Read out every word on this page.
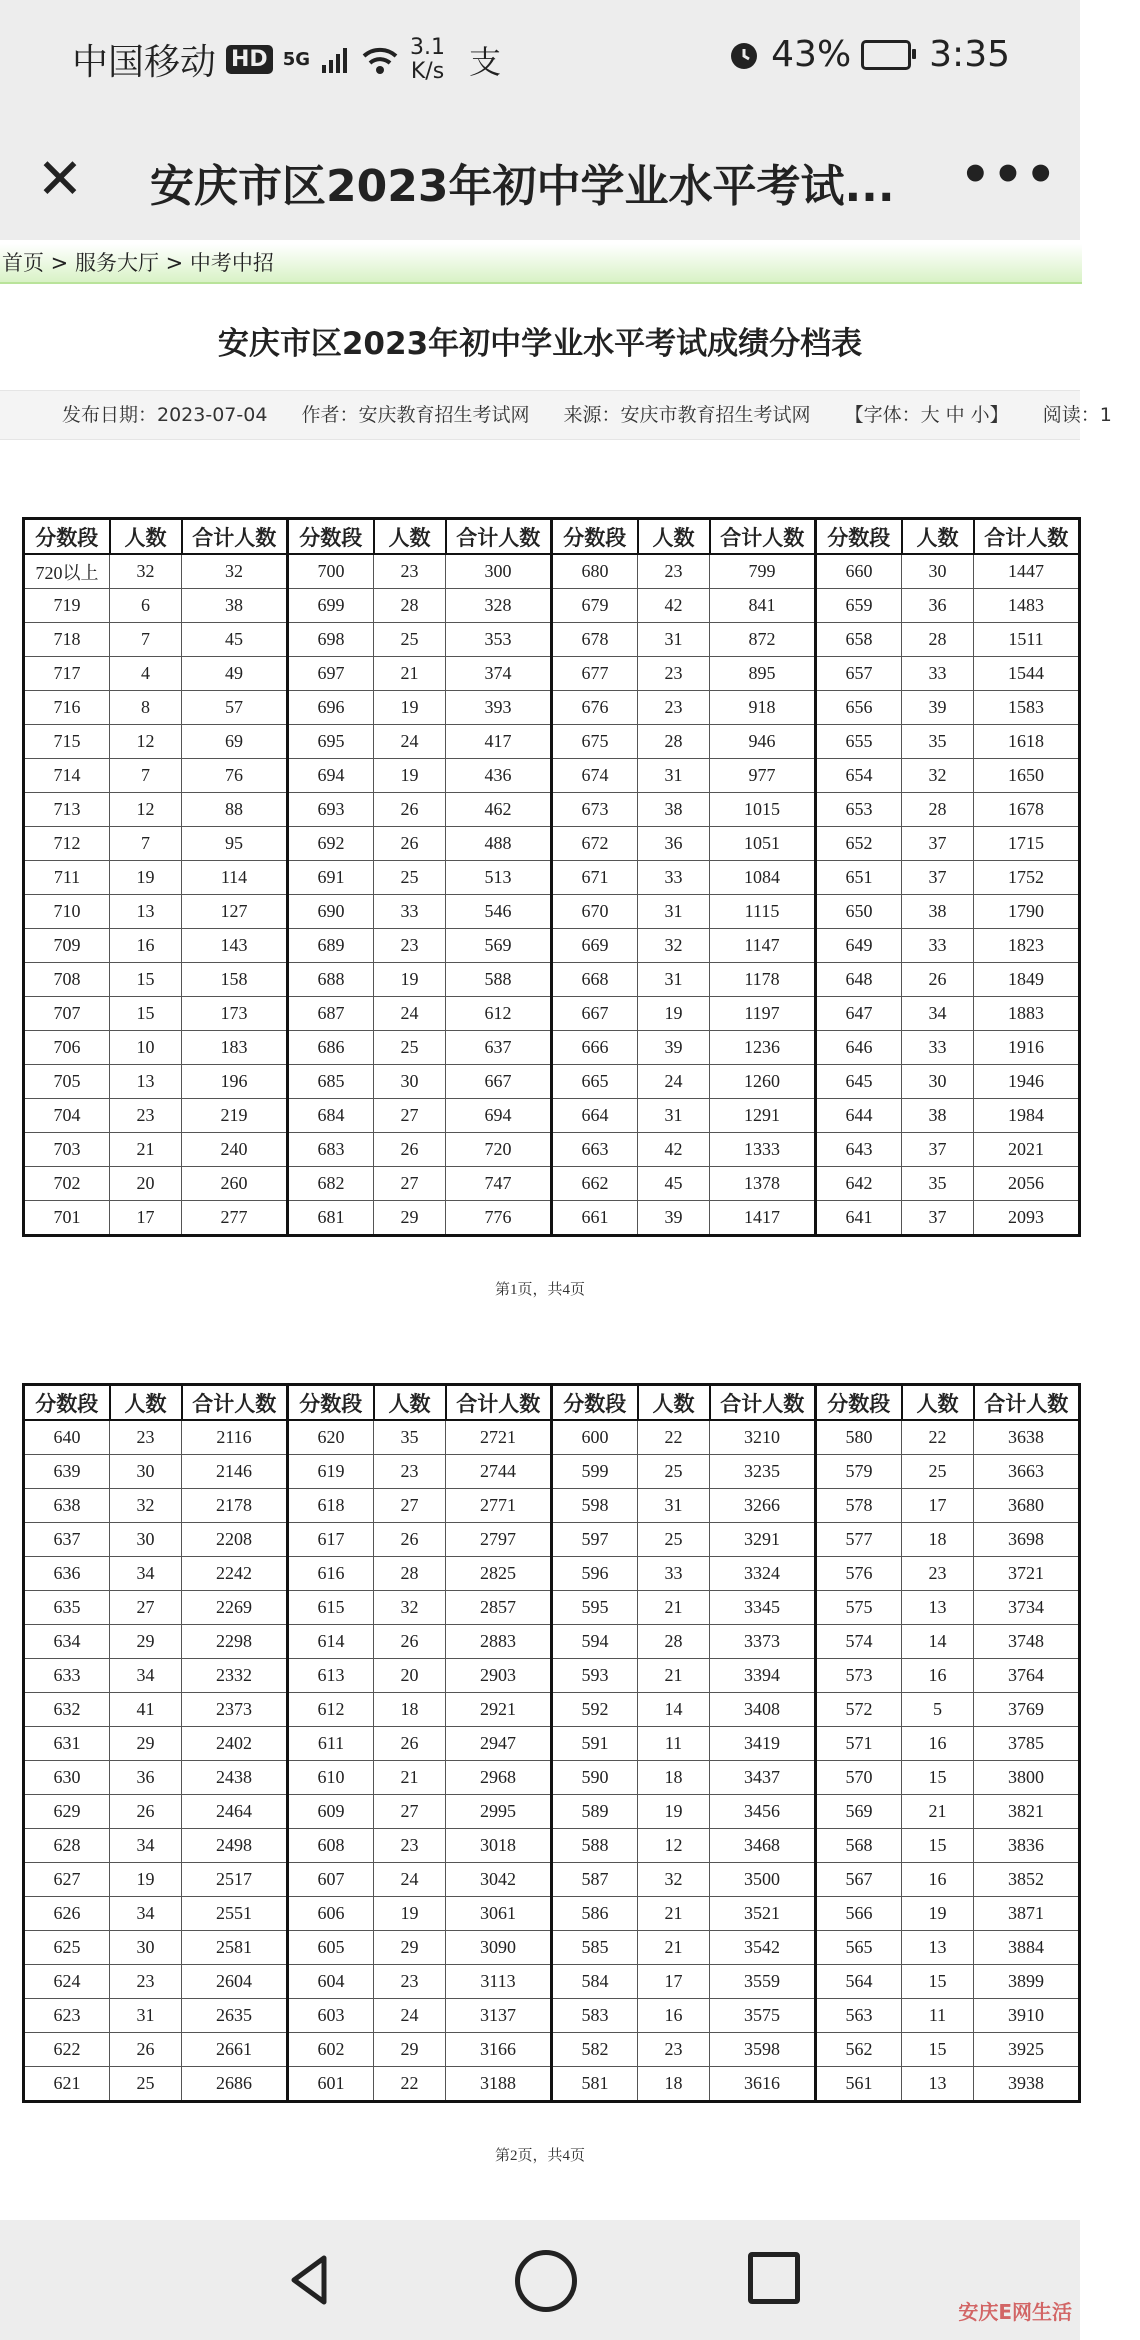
中国移动 HD 5G	3.1
K/s 支	43% 3:35
✕ 安庆市区2023年初中学业水平考试...	•••
首页 > 服务大厅 > 中考中招
安庆市区2023年初中学业水平考试成绩分档表
发布日期：2023-07-04 作者：安庆教育招生考试网 来源：安庆市教育招生考试网 【字体：大 中 小】 阅读：1
分数段	人数	合计人数	分数段	人数	合计人数	分数段	人数	合计人数	分数段	人数	合计人数
720以上	32	32	700	23	300	680	23	799	660	30	1447
719	6	38	699	28	328	679	42	841	659	36	1483
718	7	45	698	25	353	678	31	872	658	28	1511
717	4	49	697	21	374	677	23	895	657	33	1544
716	8	57	696	19	393	676	23	918	656	39	1583
715	12	69	695	24	417	675	28	946	655	35	1618
714	7	76	694	19	436	674	31	977	654	32	1650
713	12	88	693	26	462	673	38	1015	653	28	1678
712	7	95	692	26	488	672	36	1051	652	37	1715
711	19	114	691	25	513	671	33	1084	651	37	1752
710	13	127	690	33	546	670	31	1115	650	38	1790
709	16	143	689	23	569	669	32	1147	649	33	1823
708	15	158	688	19	588	668	31	1178	648	26	1849
707	15	173	687	24	612	667	19	1197	647	34	1883
706	10	183	686	25	637	666	39	1236	646	33	1916
705	13	196	685	30	667	665	24	1260	645	30	1946
704	23	219	684	27	694	664	31	1291	644	38	1984
703	21	240	683	26	720	663	42	1333	643	37	2021
702	20	260	682	27	747	662	45	1378	642	35	2056
701	17	277	681	29	776	661	39	1417	641	37	2093
第1页，共4页
分数段	人数	合计人数	分数段	人数	合计人数	分数段	人数	合计人数	分数段	人数	合计人数
640	23	2116	620	35	2721	600	22	3210	580	22	3638
639	30	2146	619	23	2744	599	25	3235	579	25	3663
638	32	2178	618	27	2771	598	31	3266	578	17	3680
637	30	2208	617	26	2797	597	25	3291	577	18	3698
636	34	2242	616	28	2825	596	33	3324	576	23	3721
635	27	2269	615	32	2857	595	21	3345	575	13	3734
634	29	2298	614	26	2883	594	28	3373	574	14	3748
633	34	2332	613	20	2903	593	21	3394	573	16	3764
632	41	2373	612	18	2921	592	14	3408	572	5	3769
631	29	2402	611	26	2947	591	11	3419	571	16	3785
630	36	2438	610	21	2968	590	18	3437	570	15	3800
629	26	2464	609	27	2995	589	19	3456	569	21	3821
628	34	2498	608	23	3018	588	12	3468	568	15	3836
627	19	2517	607	24	3042	587	32	3500	567	16	3852
626	34	2551	606	19	3061	586	21	3521	566	19	3871
625	30	2581	605	29	3090	585	21	3542	565	13	3884
624	23	2604	604	23	3113	584	17	3559	564	15	3899
623	31	2635	603	24	3137	583	16	3575	563	11	3910
622	26	2661	602	29	3166	582	23	3598	562	15	3925
621	25	2686	601	22	3188	581	18	3616	561	13	3938
第2页，共4页
安庆E网生活
